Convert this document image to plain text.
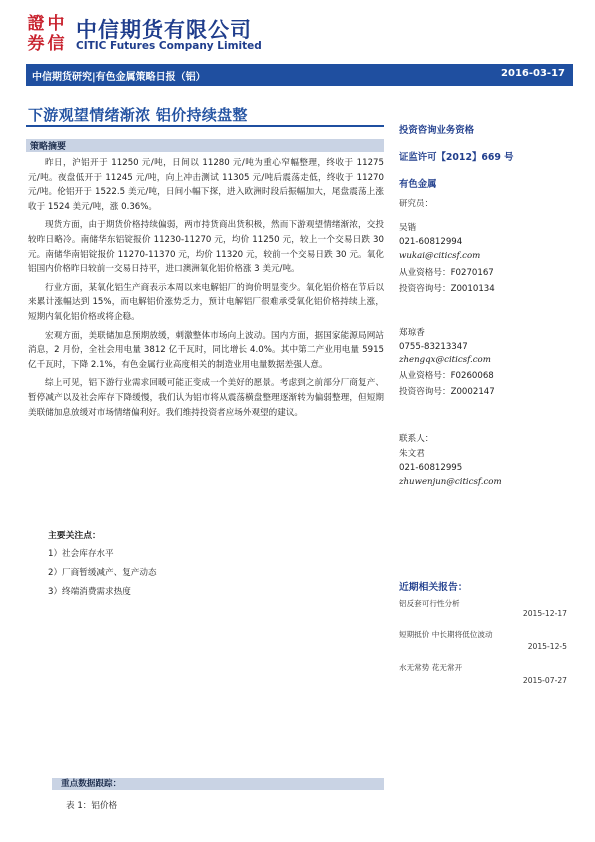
證 中
券 信
中信期货有限公司
CITIC Futures Company Limited
中信期货研究|有色金属策略日报（铝）	2016-03-17
下游观望情绪渐浓 铝价持续盘整
策略摘要

昨日，沪铝开于 11250 元/吨，日间以 11280 元/吨为重心窄幅整理，终收于 11275 元/吨。夜盘低开于 11245 元/吨，向上冲击测试 11305 元/吨后震荡走低，终收于 11270 元/吨。伦铝开于 1522.5 美元/吨，日间小幅下探，进入欧洲时段后振幅加大，尾盘震荡上涨收于 1524 美元/吨，涨 0.36%。

现货方面，由于期货价格持续偏弱，两市持货商出货积极，然而下游观望情绪渐浓，交投较昨日略冷。南储华东铝锭报价 11230-11270 元，均价 11250 元，较上一个交易日跌 30 元。南储华南铝锭报价 11270-11370 元，均价 11320 元，较前一个交易日跌 30 元。氧化铝国内价格昨日较前一交易日持平，进口澳洲氧化铝价格涨 3 美元/吨。

行业方面，某氧化铝生产商表示本周以来电解铝厂的询价明显变少。氧化铝价格在节后以来累计涨幅达到 15%，而电解铝价涨势乏力，预计电解铝厂很难承受氧化铝价格持续上涨，短期内氧化铝价格或将企稳。

宏观方面，美联储加息预期放缓，刺激整体市场向上波动。国内方面，据国家能源局网站消息，2 月份，全社会用电量 3812 亿千瓦时，同比增长 4.0%。其中第二产业用电量 5915 亿千瓦时，下降 2.1%，有色金属行业高度相关的制造业用电量数据差强人意。

综上可见，铝下游行业需求回暖可能正变成一个美好的愿景。考虑到之前部分厂商复产、暂停减产以及社会库存下降缓慢，我们认为铝市将从震荡横盘整理逐渐转为偏弱整理，但短期美联储加息放缓对市场情绪偏利好。我们维持投资者应场外观望的建议。

主要关注点：
1）社会库存水平
2）厂商暂缓减产、复产动态
3）终端消费需求热度
投资咨询业务资格
证监许可【2012】669 号
有色金属
研究员：
吴锴
021-60812994
wukai@citicsf.com
从业资格号：F0270167
投资咨询号：Z0010134
郑琼香
0755-83213347
zhengqx@citicsf.com
从业资格号：F0260068
投资咨询号：Z0002147
联系人：
朱文君
021-60812995
zhuwenjun@citicsf.com
近期相关报告：
铝反套可行性分析
2015-12-17
短期抵价 中长期将低位波动
2015-12-5
水无常势 花无常开
2015-07-27
重点数据跟踪：
表 1：铝价格
